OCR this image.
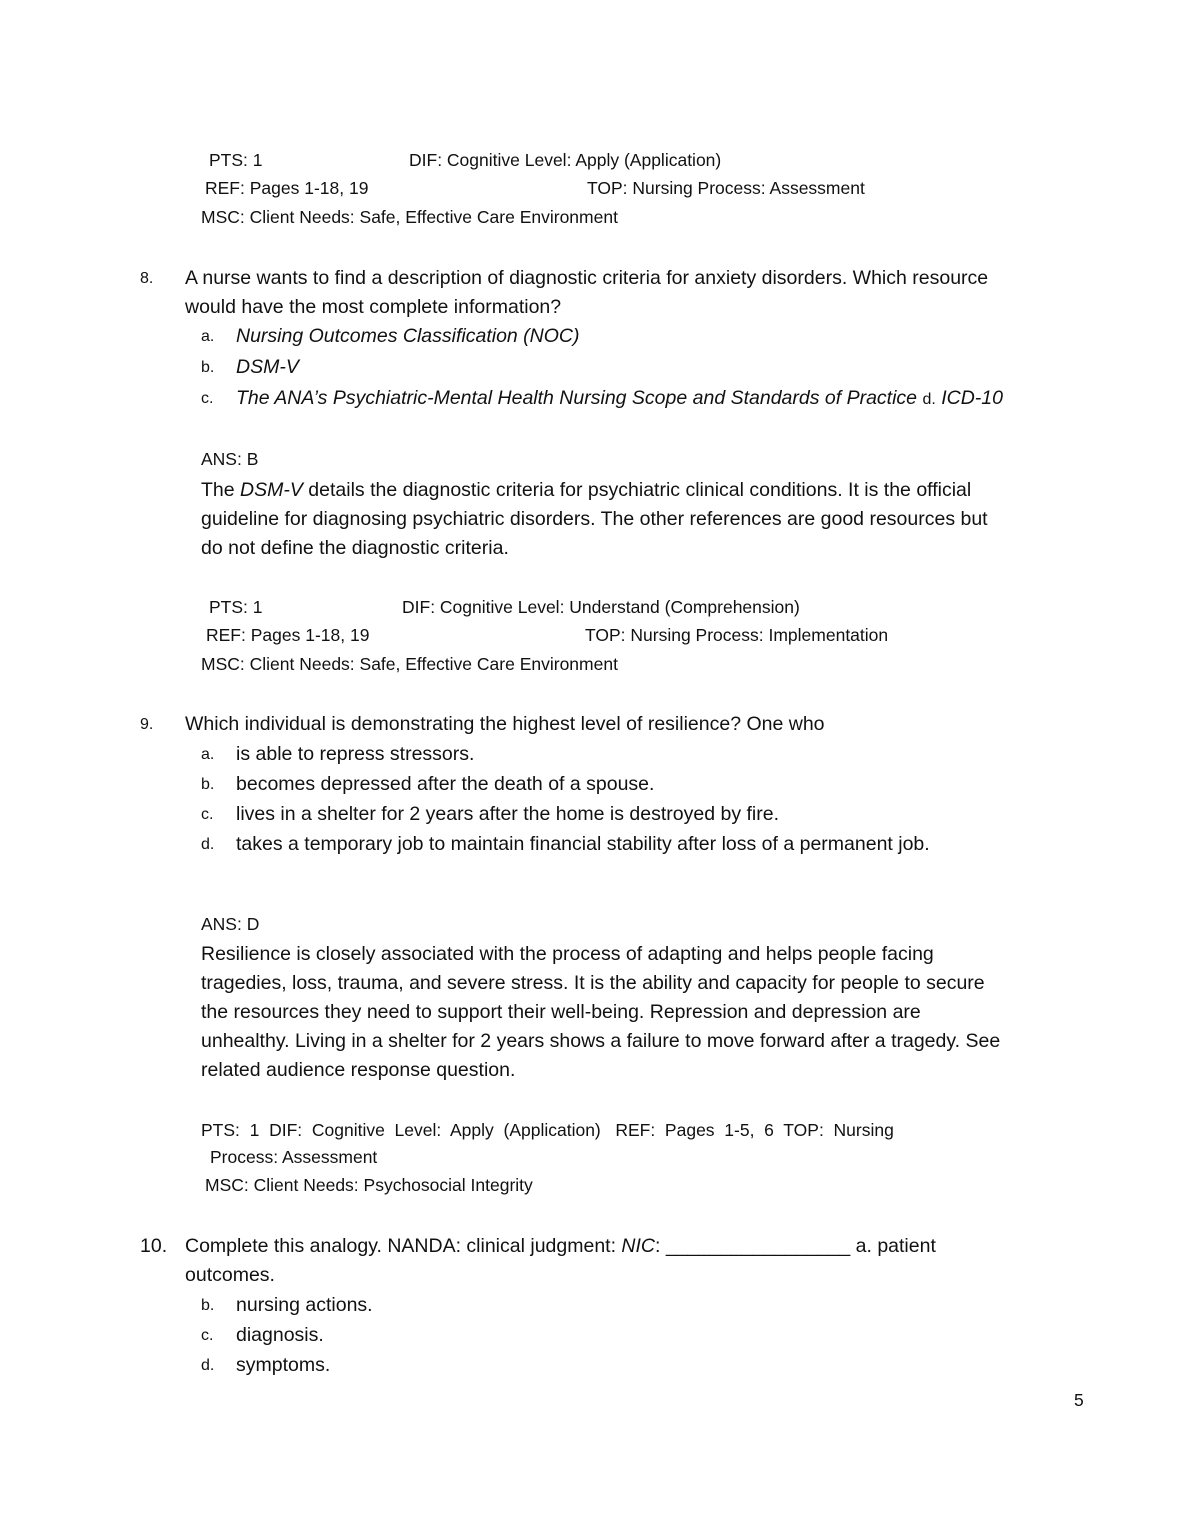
PTS: 1	DIF: Cognitive Level: Apply (Application)
REF: Pages 1-18, 19	TOP: Nursing Process: Assessment
MSC: Client Needs: Safe, Effective Care Environment
8. A nurse wants to find a description of diagnostic criteria for anxiety disorders. Which resource
would have the most complete information?
a. Nursing Outcomes Classification (NOC)
b. DSM-V
c. The ANA’s Psychiatric-Mental Health Nursing Scope and Standards of Practice d. ICD-10
ANS: B
The DSM-V details the diagnostic criteria for psychiatric clinical conditions. It is the official
guideline for diagnosing psychiatric disorders. The other references are good resources but
do not define the diagnostic criteria.
PTS: 1	DIF: Cognitive Level: Understand (Comprehension)
REF: Pages 1-18, 19	TOP: Nursing Process: Implementation
MSC: Client Needs: Safe, Effective Care Environment
9. Which individual is demonstrating the highest level of resilience? One who
a. is able to repress stressors.
b. becomes depressed after the death of a spouse.
c. lives in a shelter for 2 years after the home is destroyed by fire.
d. takes a temporary job to maintain financial stability after loss of a permanent job.
ANS: D
Resilience is closely associated with the process of adapting and helps people facing
tragedies, loss, trauma, and severe stress. It is the ability and capacity for people to secure
the resources they need to support their well-being. Repression and depression are
unhealthy. Living in a shelter for 2 years shows a failure to move forward after a tragedy. See
related audience response question.
PTS:  1  DIF:  Cognitive  Level:  Apply  (Application)   REF:  Pages  1-5,  6  TOP:  Nursing
Process: Assessment
MSC: Client Needs: Psychosocial Integrity
10. Complete this analogy. NANDA: clinical judgment: NIC: _________________ a. patient
outcomes.
b. nursing actions.
c. diagnosis.
d. symptoms.
5
